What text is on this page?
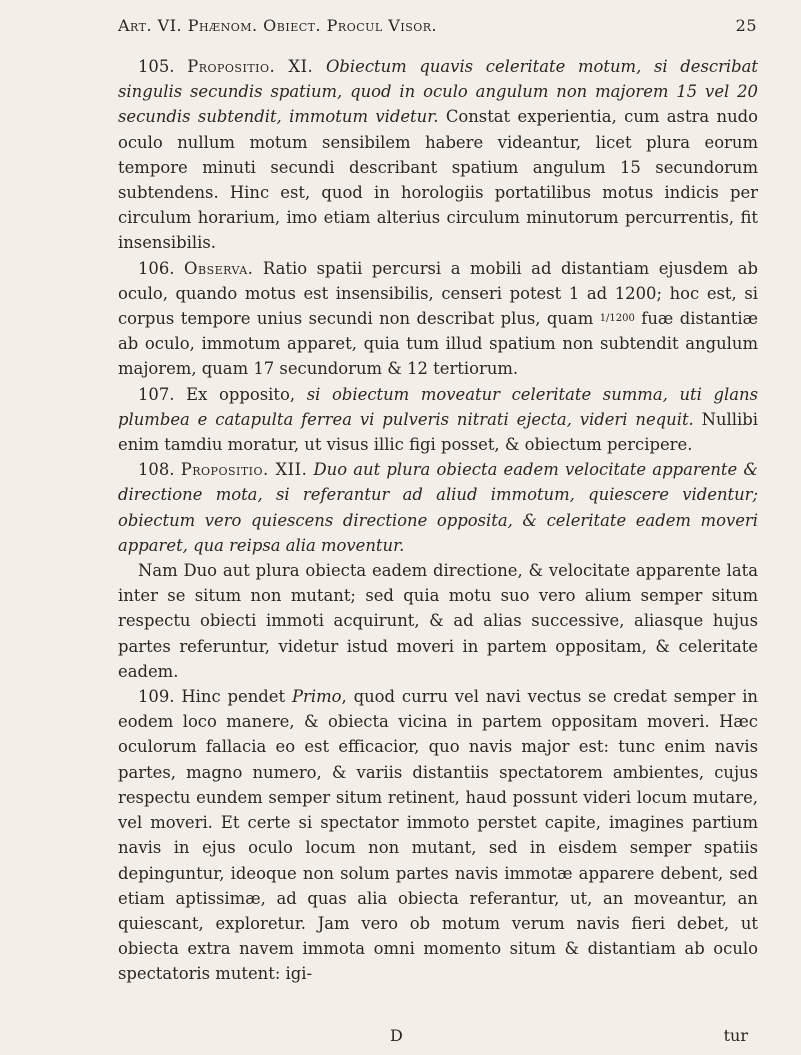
Art. VI. Phænom. Obiect. Procul Visor.	25

105. Propositio. XI. Obiectum quavis celeritate motum, si describat singulis secundis spatium, quod in oculo angulum non majorem 15 vel 20 secundis subtendit, immotum videtur. Constat experientia, cum astra nudo oculo nullum motum sensibilem habere videantur, licet plura eorum tempore minuti secundi describant spatium angulum 15 secundorum subtendens. Hinc est, quod in horologiis portatilibus motus indicis per circulum horarium, imo etiam alterius circulum minutorum percurrentis, fit insensibilis.

106. Observa. Ratio spatii percursi a mobili ad distantiam ejusdem ab oculo, quando motus est insensibilis, censeri potest 1 ad 1200; hoc est, si corpus tempore unius secundi non describat plus, quam 1/1200 fuæ distantiæ ab oculo, immotum apparet, quia tum illud spatium non subtendit angulum majorem, quam 17 secundorum & 12 tertiorum.

107. Ex opposito, si obiectum moveatur celeritate summa, uti glans plumbea e catapulta ferrea vi pulveris nitrati ejecta, videri nequit. Nullibi enim tamdiu moratur, ut visus illic figi posset, & obiectum percipere.

108. Propositio. XII. Duo aut plura obiecta eadem velocitate apparente & directione mota, si referantur ad aliud immotum, quiescere videntur; obiectum vero quiescens directione opposita, & celeritate eadem moveri apparet, qua reipsa alia moventur.

Nam Duo aut plura obiecta eadem directione, & velocitate apparente lata inter se situm non mutant; sed quia motu suo vero alium semper situm respectu obiecti immoti acquirunt, & ad alias successive, aliasque hujus partes referuntur, videtur istud moveri in partem oppositam, & celeritate eadem.

109. Hinc pendet Primo, quod curru vel navi vectus se credat semper in eodem loco manere, & obiecta vicina in partem oppositam moveri. Hæc oculorum fallacia eo est efficacior, quo navis major est: tunc enim navis partes, magno numero, & variis distantiis spectatorem ambientes, cujus respectu eundem semper situm retinent, haud possunt videri locum mutare, vel moveri. Et certe si spectator immoto perstet capite, imagines partium navis in ejus oculo locum non mutant, sed in eisdem semper spatiis depinguntur, ideoque non solum partes navis immotæ apparere debent, sed etiam aptissimæ, ad quas alia obiecta referantur, ut, an moveantur, an quiescant, exploretur. Jam vero ob motum verum navis fieri debet, ut obiecta extra navem immota omni momento situm & distantiam ab oculo spectatoris mutent: igi-

D	tur
